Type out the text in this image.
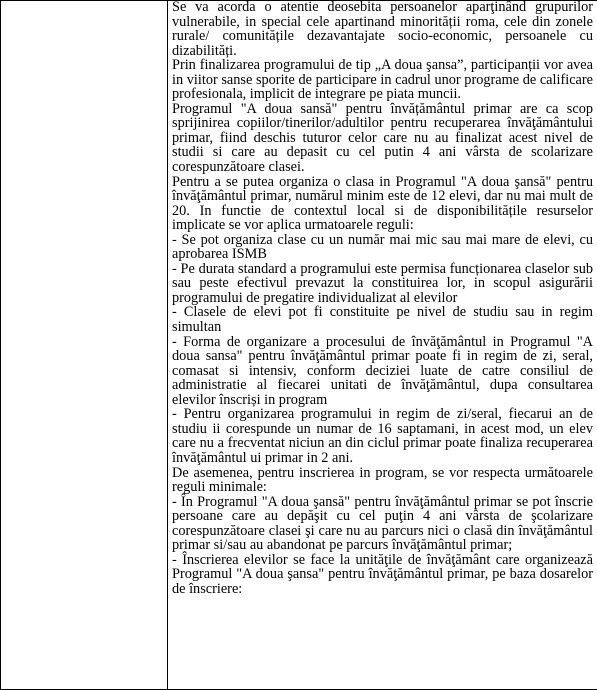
Se va acorda o atentie deosebita persoanelor aparţinând grupurilor vulnerabile, in special cele apartinand minorității roma, cele din zonele rurale/ comunitățile dezavantajate socio-economic, persoanele cu dizabilități.

Prin finalizarea programului de tip „A doua şansa”, participanții vor avea in viitor sanse sporite de participare in cadrul unor programe de calificare profesionala, implicit de integrare pe piata muncii.

Programul "A doua sansă" pentru învățământul primar are ca scop sprijinirea copiilor/tinerilor/adultilor pentru recuperarea învăţământului primar, fiind deschis tuturor celor care nu au finalizat acest nivel de studii si care au depasit cu cel putin 4 ani vârsta de scolarizare corespunzătoare clasei.

Pentru a se putea organiza o clasa in Programul "A doua şansă" pentru învăţământul primar, numărul minim este de 12 elevi, dar nu mai mult de 20. In functie de contextul local si de disponibilitățile resurselor implicate se vor aplica urmatoarele reguli:

- Se pot organiza clase cu un număr mai mic sau mai mare de elevi, cu aprobarea ISMB

- Pe durata standard a programului este permisa funcționarea claselor sub sau peste efectivul prevazut la constituirea lor, in scopul asigurării programului de pregatire individualizat al elevilor

- Clasele de elevi pot fi constituite pe nivel de studiu sau in regim simultan

- Forma de organizare a procesului de învăţământul in Programul "A doua sansa" pentru învăţământul primar poate fi in regim de zi, seral, comasat si intensiv, conform deciziei luate de catre consiliul de administratie al fiecarei unitati de învăţământul, dupa consultarea elevilor înscriși in program

- Pentru organizarea programului in regim de zi/seral, fiecarui an de studiu ii corespunde un numar de 16 saptamani, in acest mod, un elev care nu a frecventat niciun an din ciclul primar poate finaliza recuperarea învăţământul ui primar in 2 ani.

De asemenea, pentru inscrierea in program, se vor respecta următoarele reguli minimale:

- În Programul "A doua şansă" pentru învăţământul primar se pot înscrie persoane care au depăşit cu cel puţin 4 ani vârsta de şcolarizare corespunzătoare clasei şi care nu au parcurs nici o clasă din învăţământul primar si/sau au abandonat pe parcurs învăţământul primar;

- Înscrierea elevilor se face la unităţile de învăţământ care organizează Programul "A doua şansa" pentru învăţământul primar, pe baza dosarelor de înscriere:
